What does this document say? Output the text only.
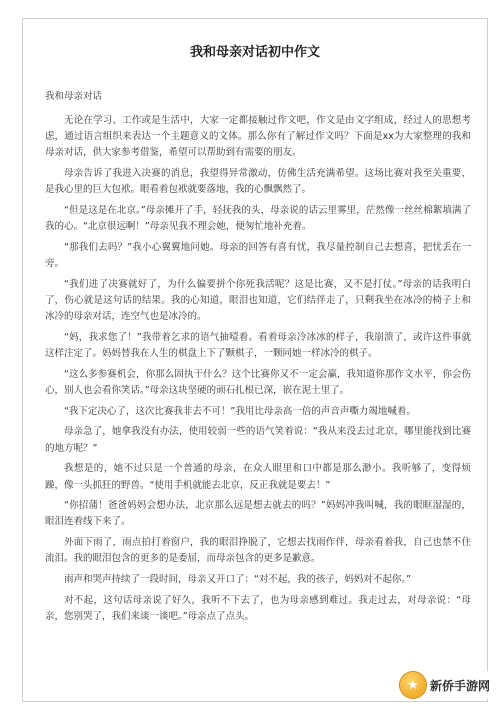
我和母亲对话初中作文

我和母亲对话

无论在学习、工作或是生活中，大家一定都接触过作文吧，作文是由文字组成，经过人的思想考虑，通过语言组织来表达一个主题意义的文体。那么你有了解过作文吗？下面是xx为大家整理的我和母亲对话，供大家参考借鉴，希望可以帮助到有需要的朋友。

母亲告诉了我进入决赛的消息，我望得异常激动，仿佛生活充满希望。这场比赛对我至关重要，是我心里的巨大包袱。眼看着包袱就要落地，我的心飘飘然了。

“但是这是在北京。”母亲摊开了手，轻抚我的头，母亲说的话云里雾里，茫然像一丝丝棉絮填满了我的心。“北京很远啊！”母亲见我不理会她，便匆忙地补充着。

“那我们去吗？”我小心翼翼地问她。母亲的回答有喜有忧，我尽量控制自己去想喜，把忧丢在一旁。

“我们进了决赛就好了，为什么偏要拼个你死我活呢？这是比赛，又不是打仗。”母亲的话我明白了，伤心就是这句话的结果。我的心知道，眼泪也知道，它们结伴走了，只剩我坐在冰冷的椅子上和冰冷的母亲对话，连空气也是冰冷的。

“妈，我求您了！”我带着乞求的语气抽噎着。看着母亲冷冰冰的样子，我崩溃了，或许这件事就这样注定了。妈妈替我在人生的棋盘上下了颗棋子，一颗同她一样冰冷的棋子。

“这么多参赛机会，你那么固执干什么？这个比赛你又不一定会赢，我知道你那作文水平，你会伤心，别人也会看你笑话。”母亲这块坚硬的顽石扎根已深，嵌在泥土里了。

“我下定决心了，这次比赛我非去不可！”我用比母亲高一倍的声音声嘶力竭地喊着。

母亲急了，她拿我没有办法，使用较弱一些的语气笑着说：“我从来没去过北京，哪里能找到比赛的地方呢？”

我想是的，她不过只是一个普通的母亲，在众人眼里和口中都是那么渺小。我听够了，变得烦躁，像一头抓狂的野兽。“使用手机就能去北京，反正我就是要去！”

“你招蒲！爸爸妈妈会想办法，北京那么远是想去就去的吗？”妈妈冲我叫喊，我的眼眶湿湿的，眼泪连着线下来了。

外面下雨了，雨点拍打着窗户，我的眼泪挣脱了，它想去找雨作伴，母亲看着我，自己也禁不住流泪。我的眼泪包含的更多的是委屈，而母亲包含的更多是歉意。

雨声和哭声持续了一段时间，母亲又开口了：“对不起，我的孩子，妈妈对不起你。”

对不起，这句话母亲说了好久，我听不下去了，也为母亲感到难过。我走过去，对母亲说：“母亲，您别哭了，我们来谈一谈吧。”母亲点了点头。

★ 新侨手游网
